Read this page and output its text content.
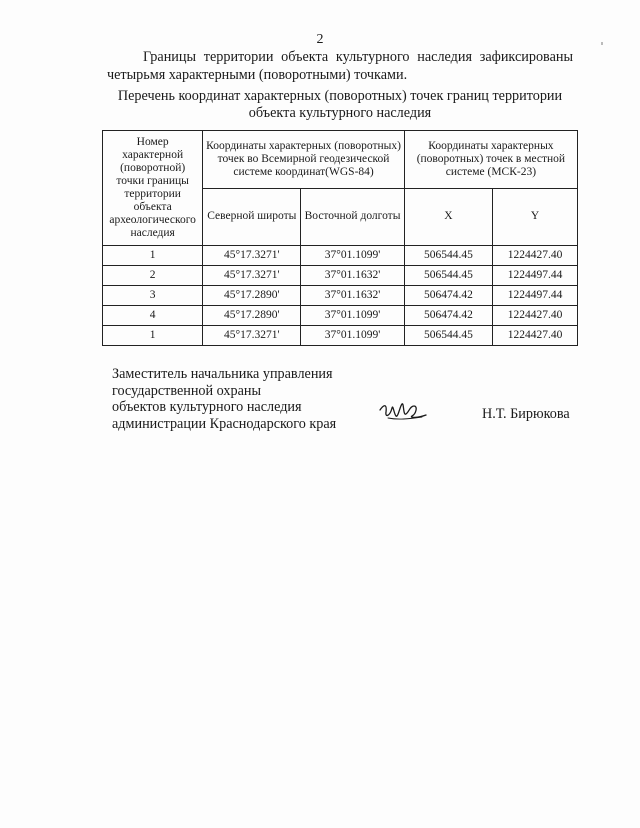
2

Границы территории объекта культурного наследия зафиксированы четырьмя характерными (поворотными) точками.

Перечень координат характерных (поворотных) точек границ территории объекта культурного наследия

Номер характерной (поворотной) точки границы территории объекта археологического наследия	Координаты характерных (поворотных) точек во Всемирной геодезической системе координат(WGS-84)		Координаты характерных (поворотных) точек в местной системе (МСК-23)	
	Северной широты	Восточной долготы	X	Y
1	45°17.3271'	37°01.1099'	506544.45	1224427.40
2	45°17.3271'	37°01.1632'	506544.45	1224497.44
3	45°17.2890'	37°01.1632'	506474.42	1224497.44
4	45°17.2890'	37°01.1099'	506474.42	1224427.40
1	45°17.3271'	37°01.1099'	506544.45	1224427.40
Заместитель начальника управления
государственной охраны
объектов культурного наследия
администрации Краснодарского края
Н.Т. Бирюкова
